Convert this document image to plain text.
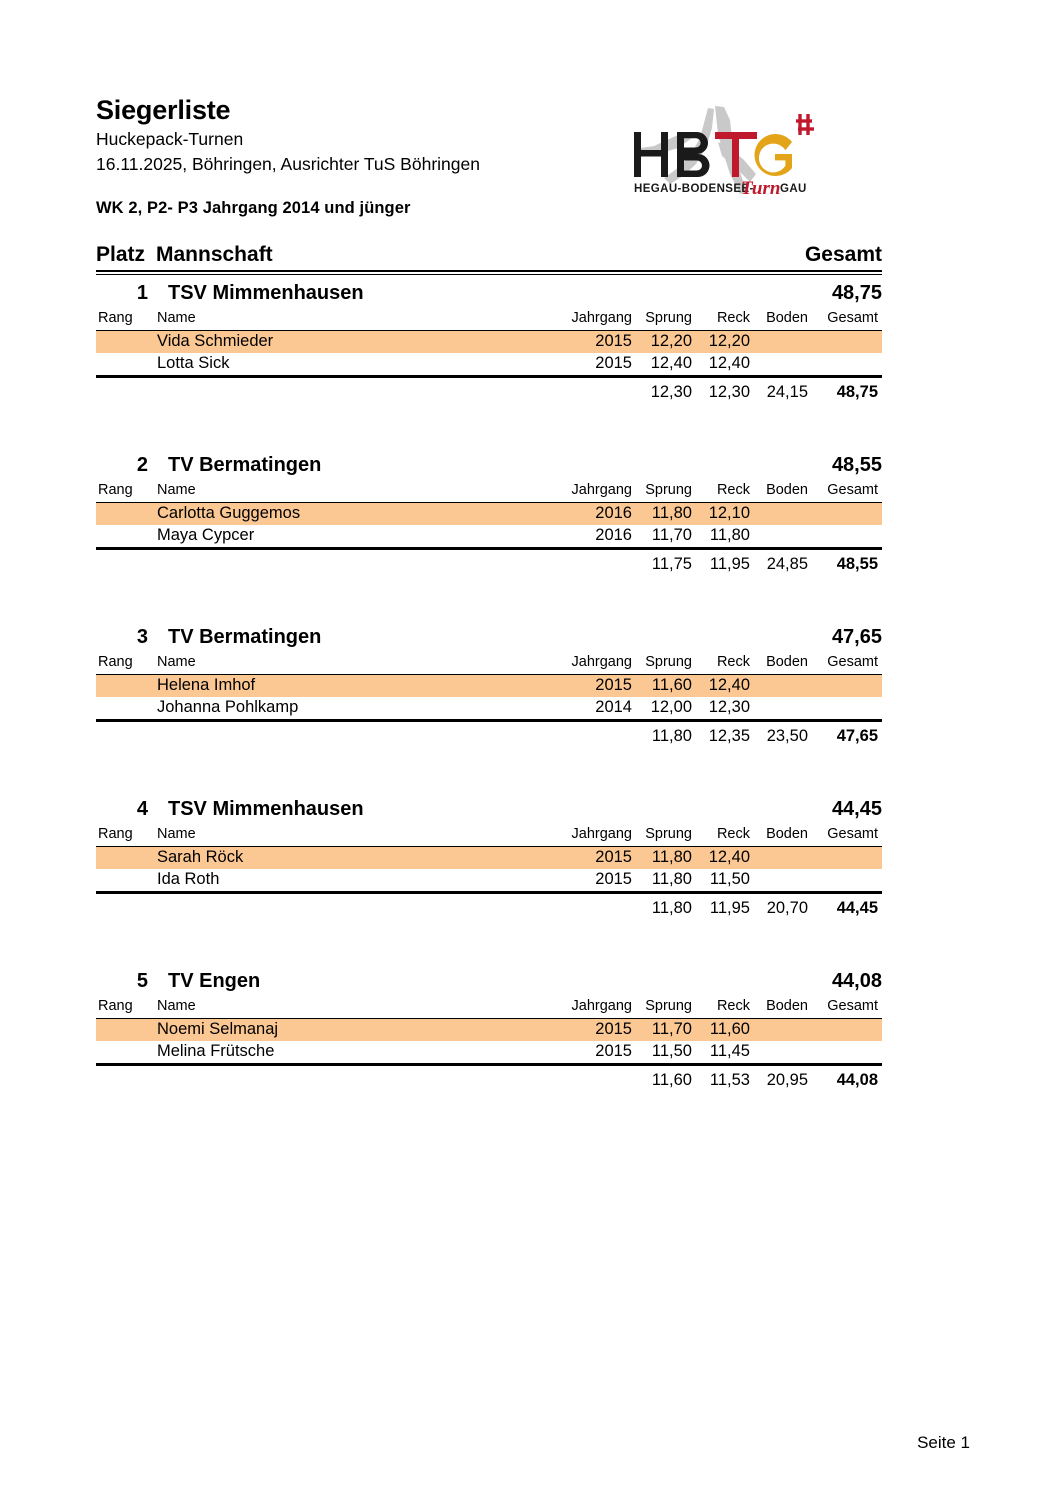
Siegerliste
Huckepack-Turnen
16.11.2025, Böhringen, Ausrichter TuS Böhringen
WK 2, P2- P3 Jahrgang 2014 und jünger
HEGAU-BODENSEE-
Turn GAU
Platz Mannschaft	Gesamt
1	TSV Mimmenhausen	48,75
Rang	Name	Jahrgang	Sprung	Reck	Boden	Gesamt

	Vida Schmieder	2015	12,20	12,20		
	Lotta Sick	2015	12,40	12,40		

			12,30	12,30	24,15	48,75
2	TV Bermatingen	48,55
Rang	Name	Jahrgang	Sprung	Reck	Boden	Gesamt

	Carlotta Guggemos	2016	11,80	12,10		
	Maya Cypcer	2016	11,70	11,80		

			11,75	11,95	24,85	48,55
3	TV Bermatingen	47,65
Rang	Name	Jahrgang	Sprung	Reck	Boden	Gesamt

	Helena Imhof	2015	11,60	12,40		
	Johanna Pohlkamp	2014	12,00	12,30		

			11,80	12,35	23,50	47,65
4	TSV Mimmenhausen	44,45
Rang	Name	Jahrgang	Sprung	Reck	Boden	Gesamt

	Sarah Röck	2015	11,80	12,40		
	Ida Roth	2015	11,80	11,50		

			11,80	11,95	20,70	44,45
5	TV Engen	44,08
Rang	Name	Jahrgang	Sprung	Reck	Boden	Gesamt

	Noemi Selmanaj	2015	11,70	11,60		
	Melina Frütsche	2015	11,50	11,45		

			11,60	11,53	20,95	44,08
Seite 1
